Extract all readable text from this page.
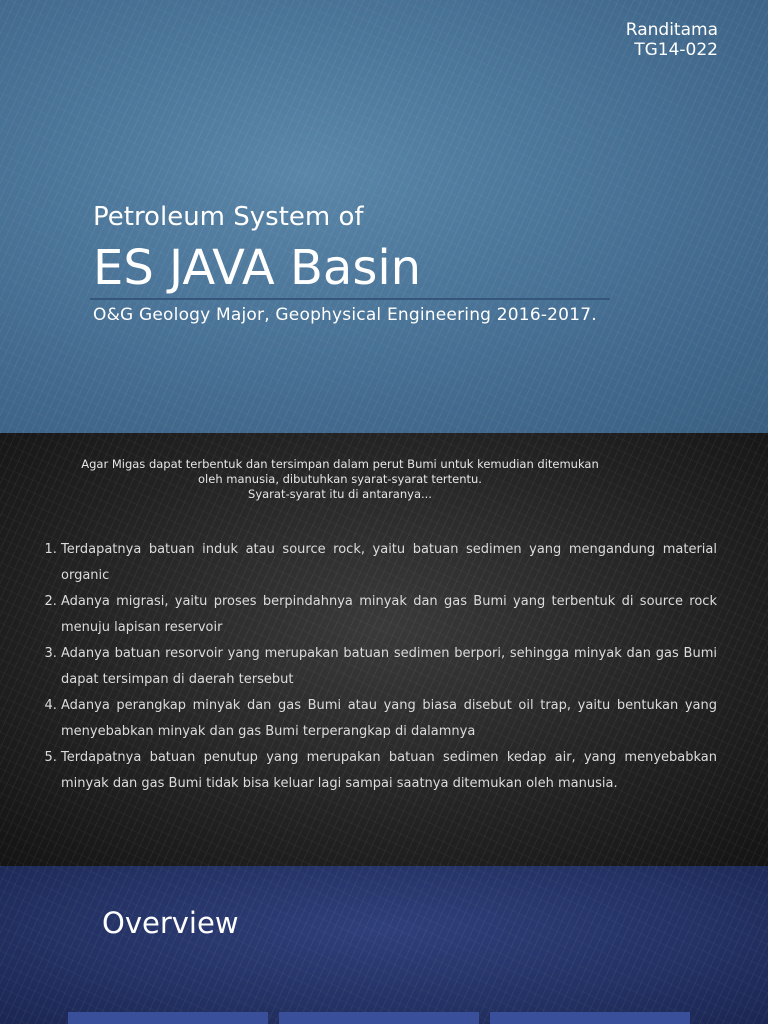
Randitama
TG14-022
Petroleum System of
ES JAVA Basin
O&G Geology Major, Geophysical Engineering 2016-2017.
Agar Migas dapat terbentuk dan tersimpan dalam perut Bumi untuk kemudian ditemukan
oleh manusia, dibutuhkan syarat-syarat tertentu.
Syarat-syarat itu di antaranya...
1. Terdapatnya batuan induk atau source rock, yaitu batuan sedimen yang mengandung material organic
2. Adanya migrasi, yaitu proses berpindahnya minyak dan gas Bumi yang terbentuk di source rock menuju lapisan reservoir
3. Adanya batuan resorvoir yang merupakan batuan sedimen berpori, sehingga minyak dan gas Bumi dapat tersimpan di daerah tersebut
4. Adanya perangkap minyak dan gas Bumi atau yang biasa disebut oil trap, yaitu bentukan yang menyebabkan minyak dan gas Bumi terperangkap di dalamnya
5. Terdapatnya batuan penutup yang merupakan batuan sedimen kedap air, yang menyebabkan minyak dan gas Bumi tidak bisa keluar lagi sampai saatnya ditemukan oleh manusia.
Overview
